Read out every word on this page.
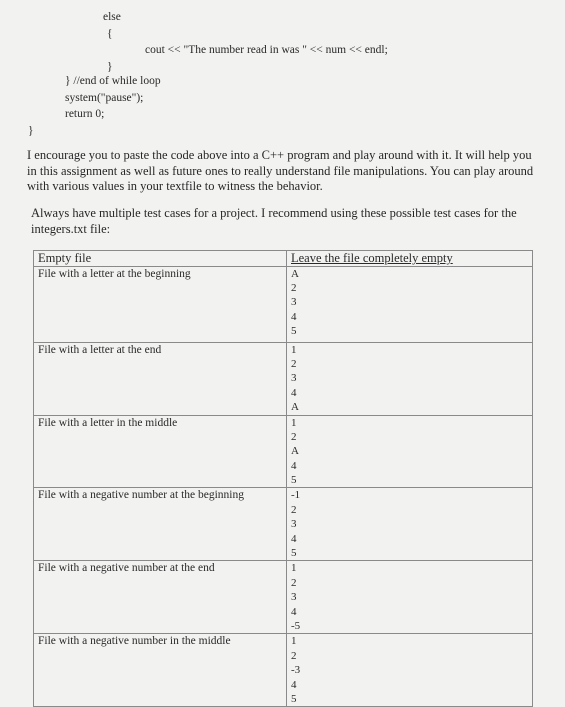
else
{
cout << "The number read in was " << num << endl;
}
} //end of while loop
system("pause");
return 0;
}
I encourage you to paste the code above into a C++ program and play around with it. It will help you in this assignment as well as future ones to really understand file manipulations. You can play around with various values in your textfile to witness the behavior.
Always have multiple test cases for a project. I recommend using these possible test cases for the integers.txt file:
Empty file	Leave the file completely empty

File with a letter at the beginning	A
2
3
4
5

File with a letter at the end	1
2
3
4
A

File with a letter in the middle	1
2
A
4
5

File with a negative number at the beginning	-1
2
3
4
5

File with a negative number at the end	1
2
3
4
-5

File with a negative number in the middle	1
2
-3
4
5
